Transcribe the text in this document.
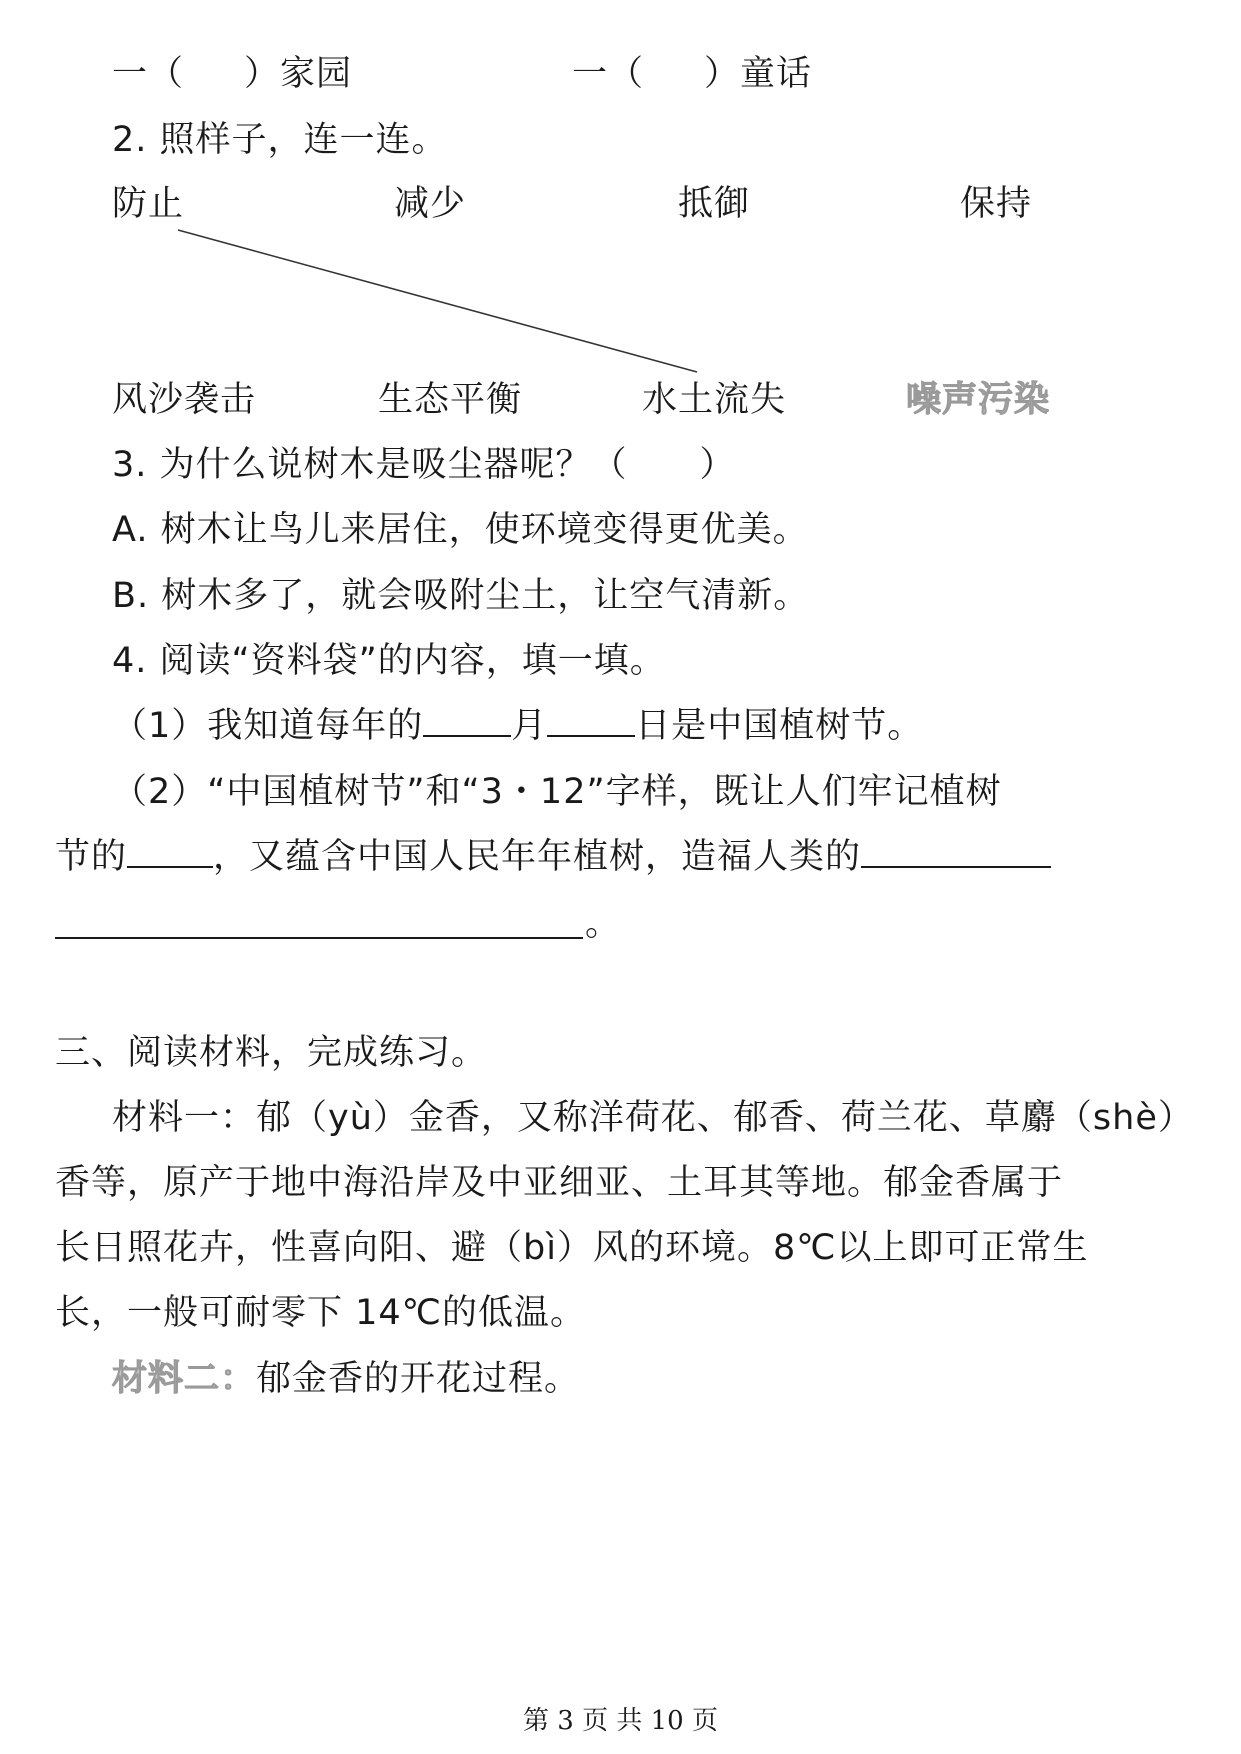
一（ ）家园	一（ ）童话
2. 照样子，连一连。
防止	减少	抵御	保持
风沙袭击	生态平衡	水土流失	噪声污染
3. 为什么说树木是吸尘器呢？（　　）
A. 树木让鸟儿来居住，使环境变得更优美。
B. 树木多了，就会吸附尘土，让空气清新。
4. 阅读“资料袋”的内容，填一填。
（1）我知道每年的	月	日是中国植树节。
（2）“中国植树节”和“3・12”字样，既让人们牢记植树
节的 ，又蕴含中国人民年年植树，造福人类的
。
三、阅读材料，完成练习。
材料一：郁（yù）金香，又称洋荷花、郁香、荷兰花、草麝（shè）
香等，原产于地中海沿岸及中亚细亚、土耳其等地。郁金香属于
长日照花卉，性喜向阳、避（bì）风的环境。8℃以上即可正常生
长，一般可耐零下 14℃的低温。
材料二：郁金香的开花过程。
第 3 页 共 10 页
